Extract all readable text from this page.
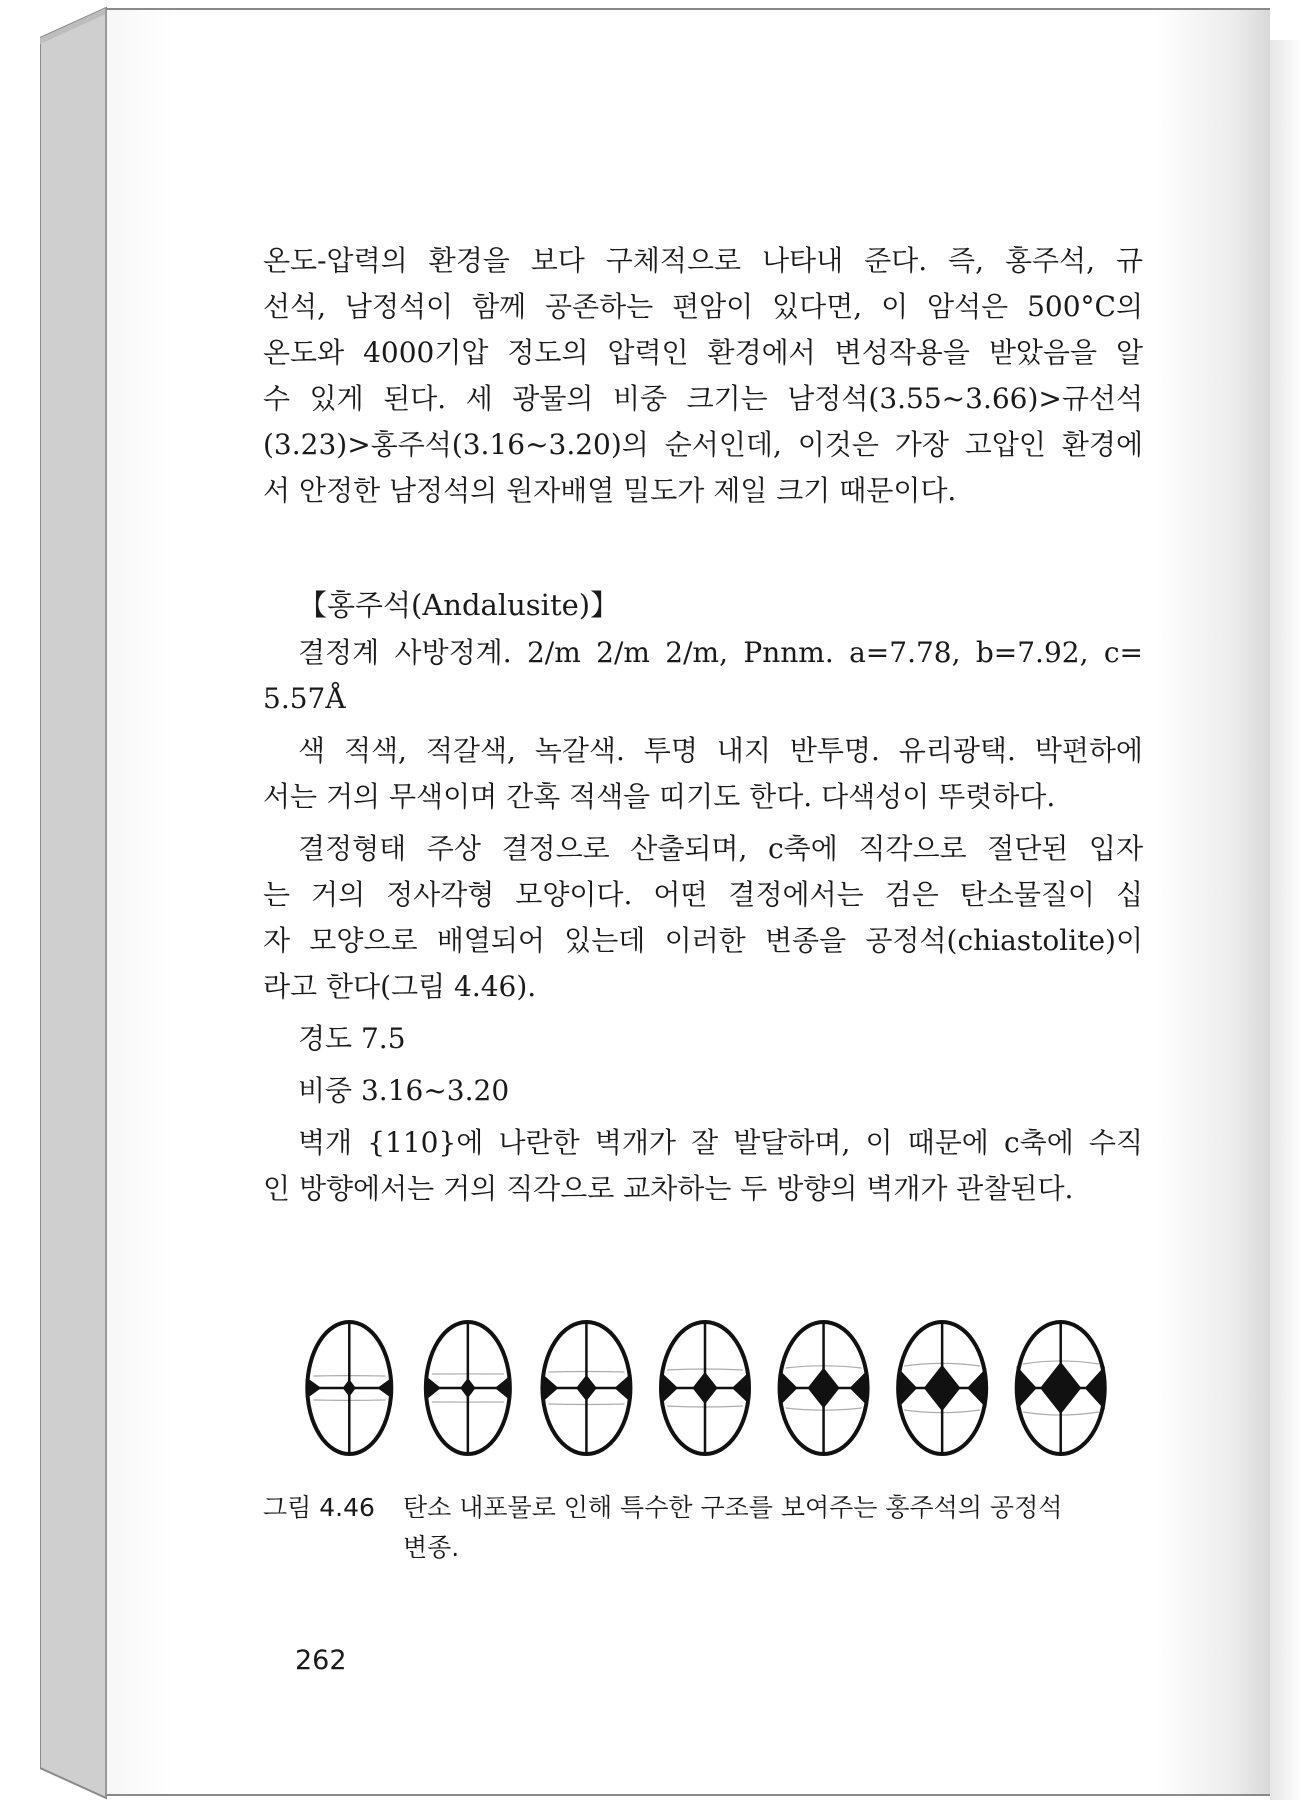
온도-압력의 환경을 보다 구체적으로 나타내 준다. 즉, 홍주석, 규
선석, 남정석이 함께 공존하는 편암이 있다면, 이 암석은 500°C의
온도와 4000기압 정도의 압력인 환경에서 변성작용을 받았음을 알
수 있게 된다. 세 광물의 비중 크기는 남정석(3.55~3.66)>규선석
(3.23)>홍주석(3.16~3.20)의 순서인데, 이것은 가장 고압인 환경에
서 안정한 남정석의 원자배열 밀도가 제일 크기 때문이다.
【홍주석(Andalusite)】
결정계 사방정계. 2/m 2/m 2/m, Pnnm. a=7.78, b=7.92, c=
5.57Å
색 적색, 적갈색, 녹갈색. 투명 내지 반투명. 유리광택. 박편하에
서는 거의 무색이며 간혹 적색을 띠기도 한다. 다색성이 뚜렷하다.
결정형태 주상 결정으로 산출되며, c축에 직각으로 절단된 입자
는 거의 정사각형 모양이다. 어떤 결정에서는 검은 탄소물질이 십
자 모양으로 배열되어 있는데 이러한 변종을 공정석(chiastolite)이
라고 한다(그림 4.46).
경도 7.5
비중 3.16~3.20
벽개 {110}에 나란한 벽개가 잘 발달하며, 이 때문에 c축에 수직
인 방향에서는 거의 직각으로 교차하는 두 방향의 벽개가 관찰된다.
그림 4.46 탄소 내포물로 인해 특수한 구조를 보여주는 홍주석의 공정석
변종.
262
